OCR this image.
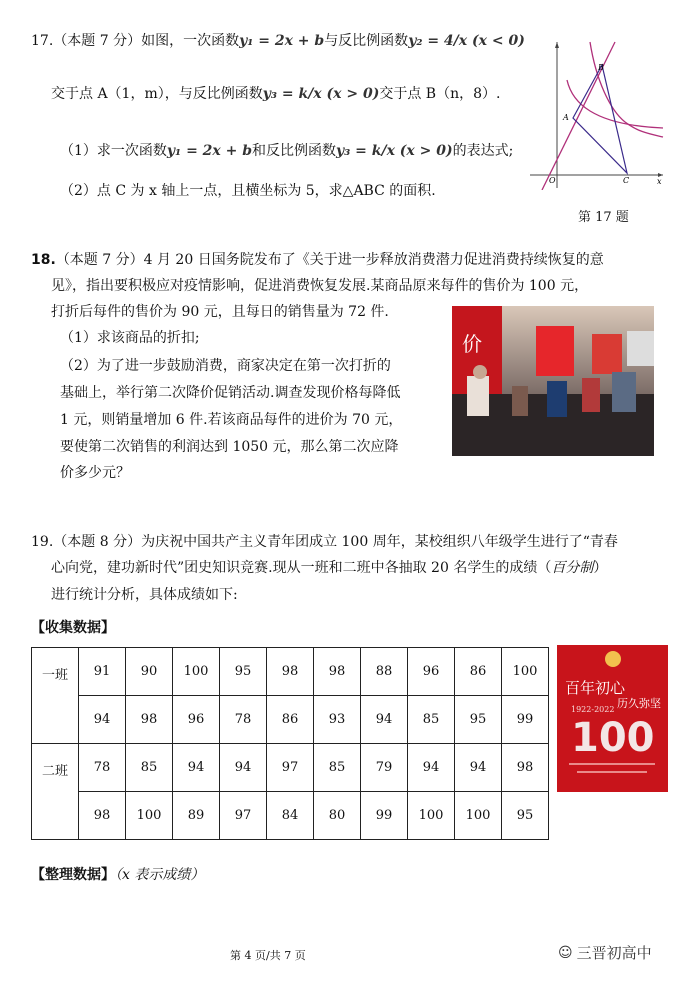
17.（本题 7 分）如图，一次函数y₁ = 2x + b与反比例函数y₂ = 4/x (x < 0)
交于点 A（1，m），与反比例函数y₃ = k/x (x > 0)交于点 B（n，8）.
（1）求一次函数y₁ = 2x + b和反比例函数y₃ = k/x (x > 0)的表达式;
（2）点 C 为 x 轴上一点，且横坐标为 5，求△ABC 的面积.
A
B
C
O	x
第 17 题
18.（本题 7 分）4 月 20 日国务院发布了《关于进一步释放消费潜力促进消费持续恢复的意
见》，指出要积极应对疫情影响，促进消费恢复发展.某商品原来每件的售价为 100 元，
打折后每件的售价为 90 元，且每日的销售量为 72 件.
（1）求该商品的折扣;
（2）为了进一步鼓励消费，商家决定在第一次打折的
基础上，举行第二次降价促销活动.调查发现价格每降低
1 元，则销量增加 6 件.若该商品每件的进价为 70 元，
要使第二次销售的利润达到 1050 元，那么第二次应降
价多少元？
价
19.（本题 8 分）为庆祝中国共产主义青年团成立 100 周年，某校组织八年级学生进行了“青春
心向党，建功新时代”团史知识竞赛.现从一班和二班中各抽取 20 名学生的成绩（百分制）
进行统计分析，具体成绩如下:
【收集数据】
一班	91	90	100	95	98	98	88	96	86	100
	94	98	96	78	86	93	94	85	95	99
二班	78	85	94	94	97	85	79	94	94	98
	98	100	89	97	84	80	99	100	100	95
百年初心
历久弥坚
1922-2022
100
【整理数据】（x 表示成绩）
第 4 页/共 7 页	☺ 三晋初高中
